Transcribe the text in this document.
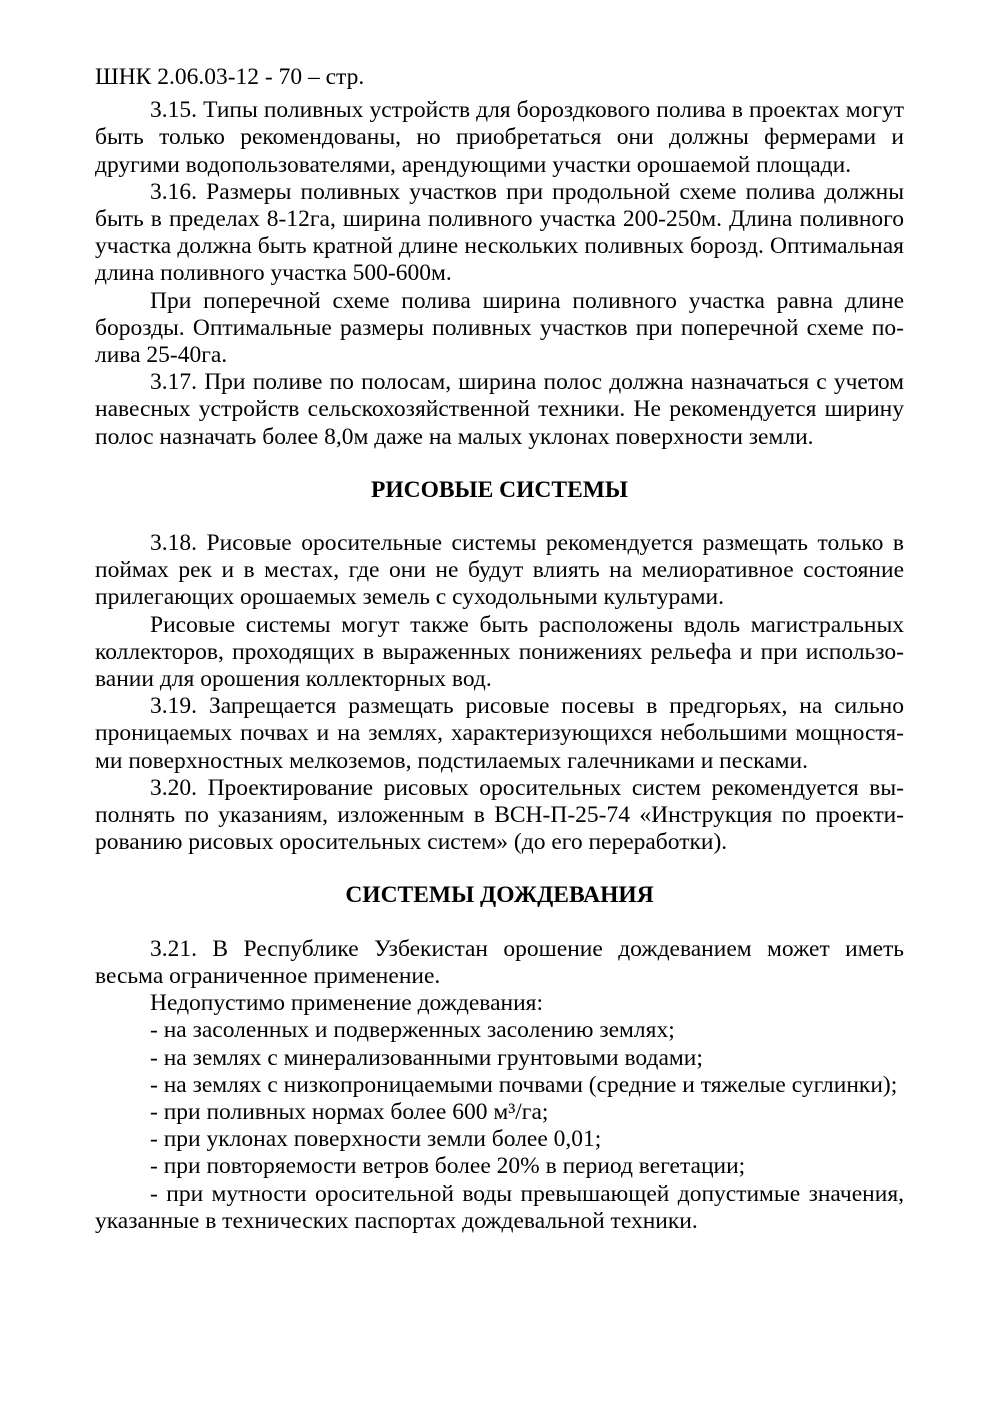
ШНК 2.06.03-12 - 70 – стр.

3.15. Типы поливных устройств для бороздкового полива в проектах могут быть только рекомендованы, но приобретаться они должны фермерами и другими водопользователями, арендующими участки орошаемой площади.

3.16. Размеры поливных участков при продольной схеме полива должны быть в пределах 8-12га, ширина поливного участка 200-250м. Длина поливного участка должна быть кратной длине нескольких поливных борозд. Оптимальная длина поливного участка 500-600м.

При поперечной схеме полива ширина поливного участка равна длине борозды. Оптимальные размеры поливных участков при поперечной схеме полива 25-40га.

3.17. При поливе по полосам, ширина полос должна назначаться с учетом навесных устройств сельскохозяйственной техники. Не рекомендуется ширину полос назначать более 8,0м даже на малых уклонах поверхности земли.

РИСОВЫЕ СИСТЕМЫ

3.18. Рисовые оросительные системы рекомендуется размещать только в поймах рек и в местах, где они не будут влиять на мелиоративное состояние прилегающих орошаемых земель с суходольными культурами.

Рисовые системы могут также быть расположены вдоль магистральных коллекторов, проходящих в выраженных понижениях рельефа и при использовании для орошения коллекторных вод.

3.19. Запрещается размещать рисовые посевы в предгорьях, на сильно проницаемых почвах и на землях, характеризующихся небольшими мощностями поверхностных мелкоземов, подстилаемых галечниками и песками.

3.20. Проектирование рисовых оросительных систем рекомендуется выполнять по указаниям, изложенным в ВСН-П-25-74 «Инструкция по проектированию рисовых оросительных систем» (до его переработки).

СИСТЕМЫ ДОЖДЕВАНИЯ

3.21. В Республике Узбекистан орошение дождеванием может иметь весьма ограниченное применение.

Недопустимо применение дождевания:

- на засоленных и подверженных засолению землях;

- на землях с минерализованными грунтовыми водами;

- на землях с низкопроницаемыми почвами (средние и тяжелые суглинки);

- при поливных нормах более 600 м³/га;

- при уклонах поверхности земли более 0,01;

- при повторяемости ветров более 20% в период вегетации;

- при мутности оросительной воды превышающей допустимые значения, указанные в технических паспортах дождевальной техники.
